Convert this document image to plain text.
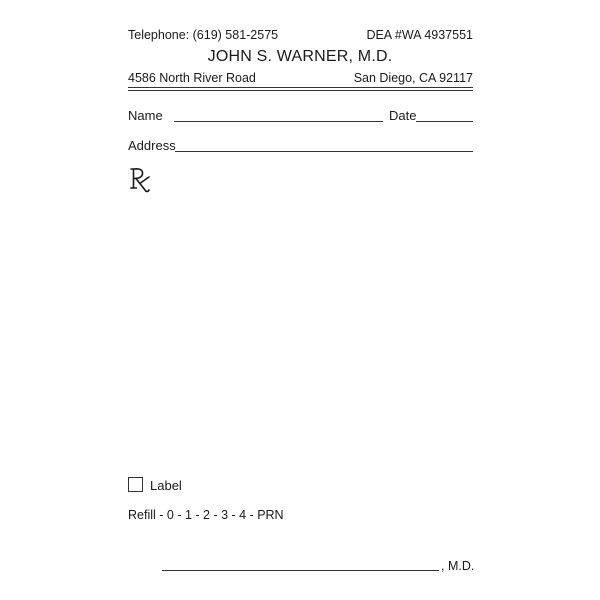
Telephone: (619) 581-2575	DEA #WA 4937551
JOHN S. WARNER, M.D.
4586 North River Road	San Diego, CA 92117
Name	Date
Address
Label
Refill - 0 - 1 - 2 - 3 - 4 - PRN
, M.D.
